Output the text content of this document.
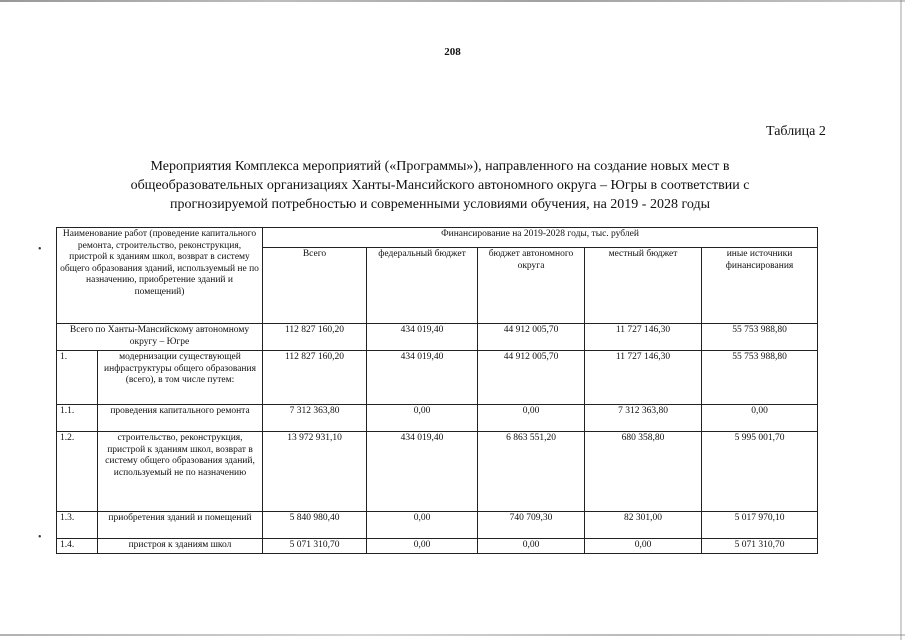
208
Таблица 2
Мероприятия Комплекса мероприятий («Программы»), направленного на создание новых мест в
общеобразовательных организациях Ханты-Мансийского автономного округа – Югры в соответствии с
прогнозируемой потребностью и современными условиями обучения, на 2019 - 2028 годы
•
•
Наименование работ (проведение капитального ремонта, строительство, реконструкция, пристрой к зданиям школ, возврат в систему общего образования зданий, используемый не по назначению, приобретение зданий и помещений)		Финансирование на 2019-2028 годы, тыс. рублей				
		Всего	федеральный бюджет	бюджет автономного округа	местный бюджет	иные источники финансирования
Всего по Ханты-Мансийскому автономному округу – Югре		112 827 160,20	434 019,40	44 912 005,70	11 727 146,30	55 753 988,80
1.	модернизации существующей инфраструктуры общего образования (всего), в том числе путем:	112 827 160,20	434 019,40	44 912 005,70	11 727 146,30	55 753 988,80
1.1.	проведения капитального ремонта	7 312 363,80	0,00	0,00	7 312 363,80	0,00
1.2.	строительство, реконструкция, пристрой к зданиям школ, возврат в систему общего образования зданий, используемый не по назначению	13 972 931,10	434 019,40	6 863 551,20	680 358,80	5 995 001,70
1.3.	приобретения зданий и помещений	5 840 980,40	0,00	740 709,30	82 301,00	5 017 970,10
1.4.	пристроя к зданиям школ	5 071 310,70	0,00	0,00	0,00	5 071 310,70
